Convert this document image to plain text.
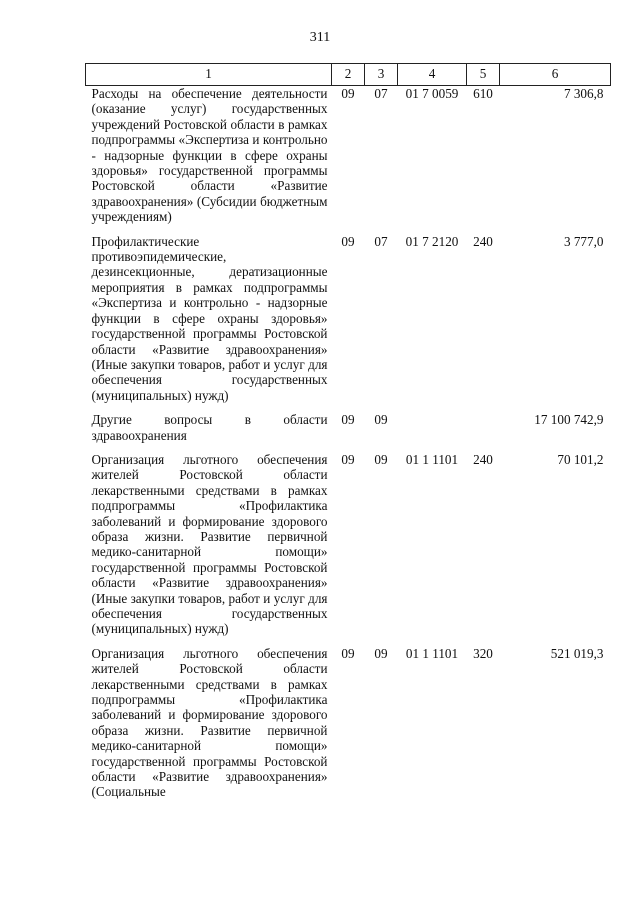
311
1	2	3	4	5	6
Расходы на обеспечение деятельности (оказание услуг) государственных учреждений Ростовской области в рамках подпрограммы «Экспертиза и контрольно - надзорные функции в сфере охраны здоровья» государственной программы Ростовской области «Развитие здравоохранения» (Субсидии бюджетным учреждениям)	09	07	01 7 0059	610	7 306,8
Профилактические противоэпидемические, дезинсекционные, дератизационные мероприятия в рамках подпрограммы «Экспертиза и контрольно - надзорные функции в сфере охраны здоровья» государственной программы Ростовской области «Развитие здравоохранения» (Иные закупки товаров, работ и услуг для обеспечения государственных (муниципальных) нужд)	09	07	01 7 2120	240	3 777,0
Другие вопросы в области здравоохранения	09	09			17 100 742,9
Организация льготного обеспечения жителей Ростовской области лекарственными средствами в рамках подпрограммы «Профилактика заболеваний и формирование здорового образа жизни. Развитие первичной медико-санитарной помощи» государственной программы Ростовской области «Развитие здравоохранения» (Иные закупки товаров, работ и услуг для обеспечения государственных (муниципальных) нужд)	09	09	01 1 1101	240	70 101,2
Организация льготного обеспечения жителей Ростовской области лекарственными средствами в рамках подпрограммы «Профилактика заболеваний и формирование здорового образа жизни. Развитие первичной медико-санитарной помощи» государственной программы Ростовской области «Развитие здравоохранения» (Социальные	09	09	01 1 1101	320	521 019,3
